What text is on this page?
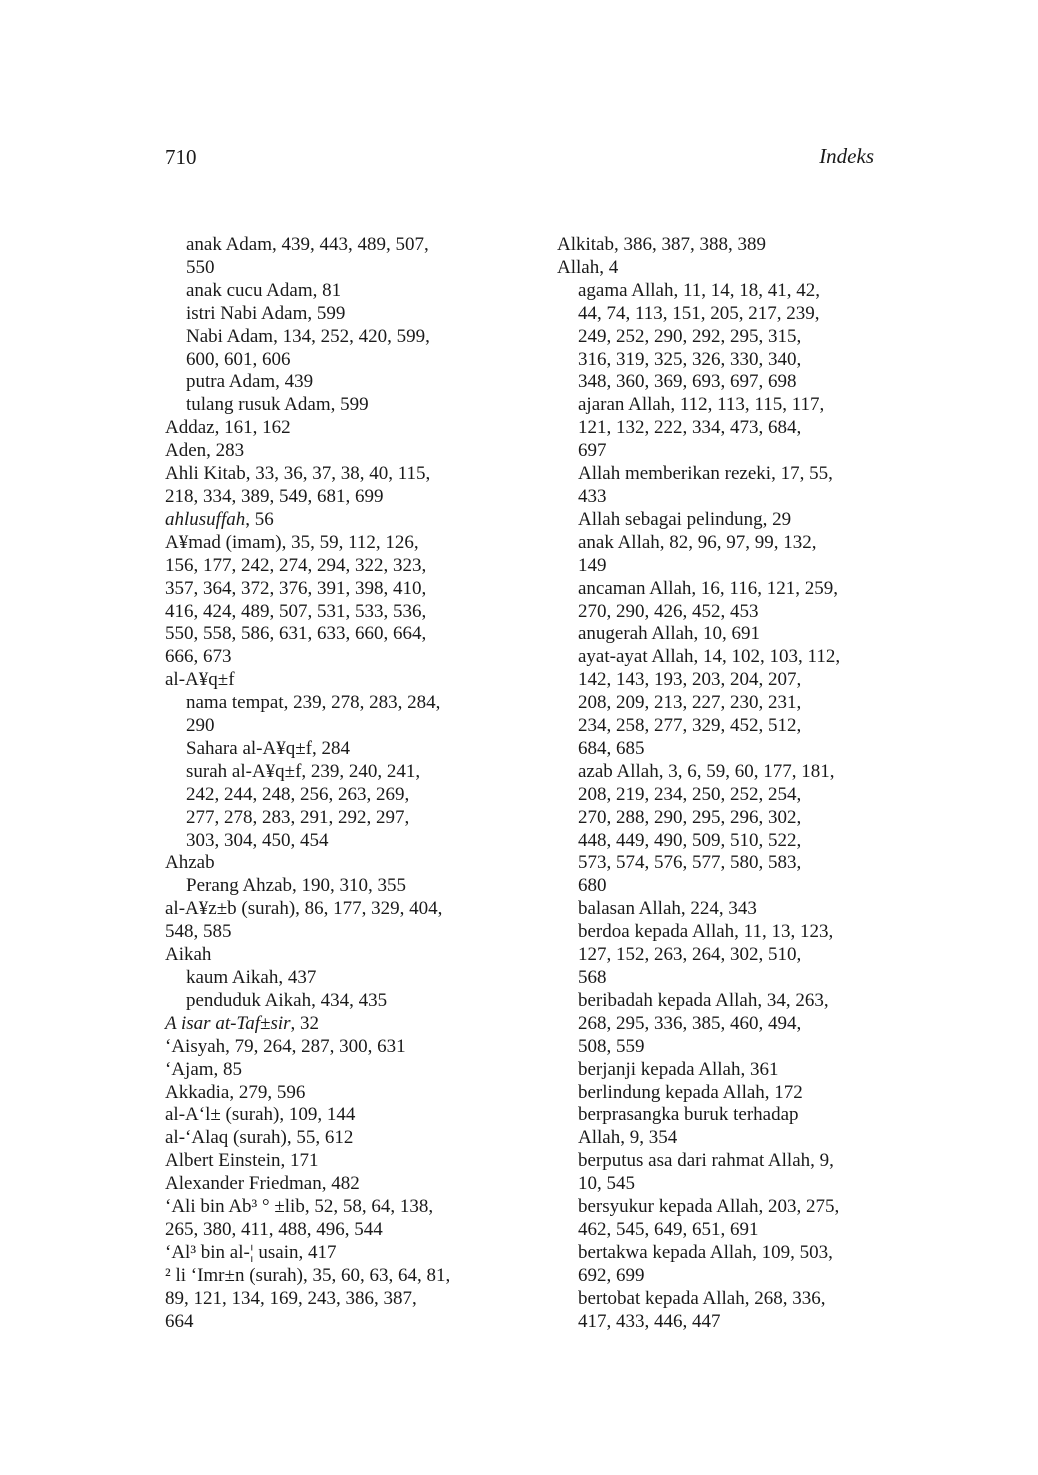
710	Indeks
anak Adam, 439, 443, 489, 507,
550
anak cucu Adam, 81
istri Nabi Adam, 599
Nabi Adam, 134, 252, 420, 599,
600, 601, 606
putra Adam, 439
tulang rusuk Adam, 599
Addaz, 161, 162
Aden, 283
Ahli Kitab, 33, 36, 37, 38, 40, 115,
218, 334, 389, 549, 681, 699
ahlusuffah, 56
A¥mad (imam), 35, 59, 112, 126,
156, 177, 242, 274, 294, 322, 323,
357, 364, 372, 376, 391, 398, 410,
416, 424, 489, 507, 531, 533, 536,
550, 558, 586, 631, 633, 660, 664,
666, 673
al-A¥q±f
nama tempat, 239, 278, 283, 284,
290
Sahara al-A¥q±f, 284
surah al-A¥q±f, 239, 240, 241,
242, 244, 248, 256, 263, 269,
277, 278, 283, 291, 292, 297,
303, 304, 450, 454
Ahzab
Perang Ahzab, 190, 310, 355
al-A¥z±b (surah), 86, 177, 329, 404,
548, 585
Aikah
kaum Aikah, 437
penduduk Aikah, 434, 435
A isar at-Taf±sir, 32
‘Aisyah, 79, 264, 287, 300, 631
‘Ajam, 85
Akkadia, 279, 596
al-A‘l± (surah), 109, 144
al-‘Alaq (surah), 55, 612
Albert Einstein, 171
Alexander Friedman, 482
‘Ali bin Ab³ ° ±lib, 52, 58, 64, 138,
265, 380, 411, 488, 496, 544
‘Al³ bin al-¦ usain, 417
² li ‘Imr±n (surah), 35, 60, 63, 64, 81,
89, 121, 134, 169, 243, 386, 387,
664
Alkitab, 386, 387, 388, 389
Allah, 4
agama Allah, 11, 14, 18, 41, 42,
44, 74, 113, 151, 205, 217, 239,
249, 252, 290, 292, 295, 315,
316, 319, 325, 326, 330, 340,
348, 360, 369, 693, 697, 698
ajaran Allah, 112, 113, 115, 117,
121, 132, 222, 334, 473, 684,
697
Allah memberikan rezeki, 17, 55,
433
Allah sebagai pelindung, 29
anak Allah, 82, 96, 97, 99, 132,
149
ancaman Allah, 16, 116, 121, 259,
270, 290, 426, 452, 453
anugerah Allah, 10, 691
ayat-ayat Allah, 14, 102, 103, 112,
142, 143, 193, 203, 204, 207,
208, 209, 213, 227, 230, 231,
234, 258, 277, 329, 452, 512,
684, 685
azab Allah, 3, 6, 59, 60, 177, 181,
208, 219, 234, 250, 252, 254,
270, 288, 290, 295, 296, 302,
448, 449, 490, 509, 510, 522,
573, 574, 576, 577, 580, 583,
680
balasan Allah, 224, 343
berdoa kepada Allah, 11, 13, 123,
127, 152, 263, 264, 302, 510,
568
beribadah kepada Allah, 34, 263,
268, 295, 336, 385, 460, 494,
508, 559
berjanji kepada Allah, 361
berlindung kepada Allah, 172
berprasangka buruk terhadap
Allah, 9, 354
berputus asa dari rahmat Allah, 9,
10, 545
bersyukur kepada Allah, 203, 275,
462, 545, 649, 651, 691
bertakwa kepada Allah, 109, 503,
692, 699
bertobat kepada Allah, 268, 336,
417, 433, 446, 447
